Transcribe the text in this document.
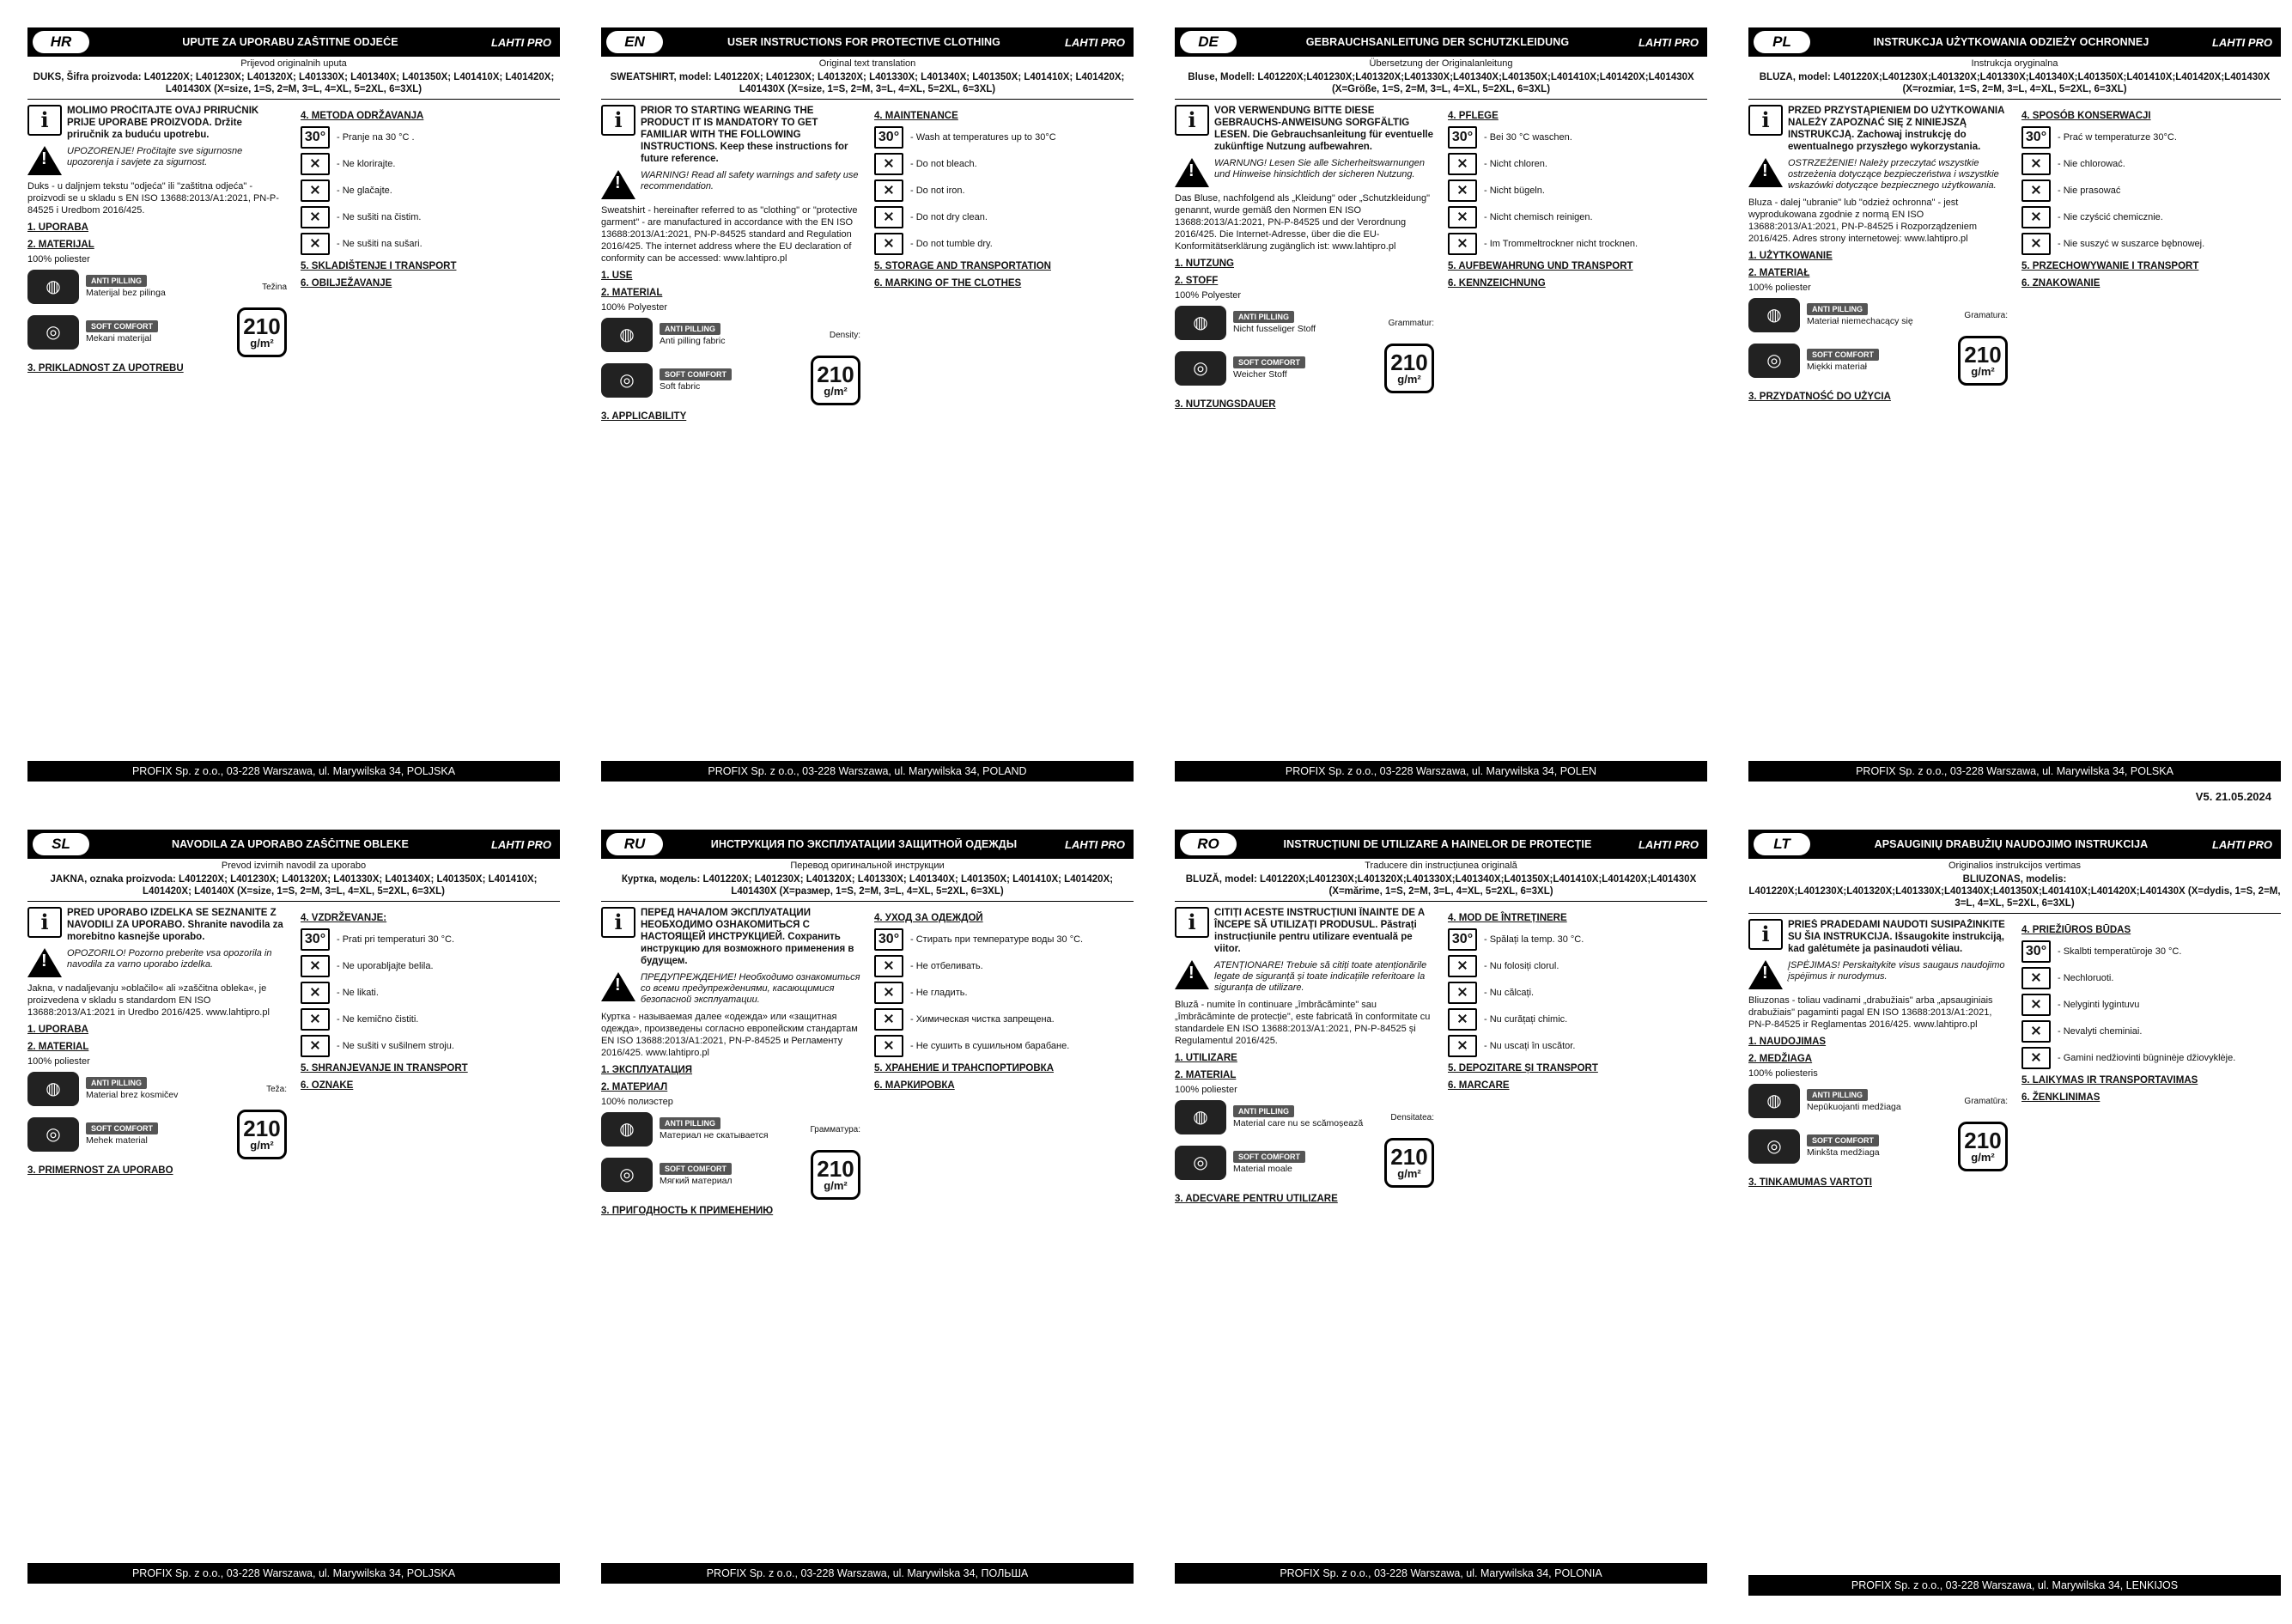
HR	UPUTE ZA UPORABU ZAŠTITNE ODJEĆE	LAHTI PRO
Prijevod originalnih uputa
DUKS, Šifra proizvoda: L401220X; L401230X; L401320X; L401330X; L401340X; L401350X; L401410X; L401420X; L401430X (X=size, 1=S, 2=M, 3=L, 4=XL, 5=2XL, 6=3XL)
i	MOLIMO PROČITAJTE OVAJ PRIRUČNIK PRIJE UPORABE PROIZVODA. Držite priručnik za buduću upotrebu.
!
UPOZORENJE! Pročitajte sve sigurnosne upozorenja i savjete za sigurnost.

Duks - u daljnjem tekstu "odjeća" ili "zaštitna odjeća" - proizvodi se u skladu s EN ISO 13688:2013/A1:2021, PN-P-84525 i Uredbom 2016/425.

1. UPORABA
2. MATERIJAL

100% poliester

◍	ANTI PILLING
Materijal bez pilinga
Težina
◎	SOFT COMFORT
Mekani materijal	210
g/m²
3. PRIKLADNOST ZA UPOTREBU
4. METODA ODRŽAVANJA
30°	- Pranje na 30 °C .
⨯	- Ne klorirajte.
⨯	- Ne glačajte.
⨯	- Ne sušiti na čistim.
⨯	- Ne sušiti na sušari.
5. SKLADIŠTENJE I TRANSPORT
6. OBILJEŽAVANJE
PROFIX Sp. z o.o., 03-228 Warszawa, ul. Marywilska 34, POLJSKA
EN	USER INSTRUCTIONS FOR PROTECTIVE CLOTHING	LAHTI PRO
Original text translation
SWEATSHIRT, model: L401220X; L401230X; L401320X; L401330X; L401340X; L401350X; L401410X; L401420X; L401430X (X=size, 1=S, 2=M, 3=L, 4=XL, 5=2XL, 6=3XL)
i	PRIOR TO STARTING WEARING THE PRODUCT IT IS MANDATORY TO GET FAMILIAR WITH THE FOLLOWING INSTRUCTIONS. Keep these instructions for future reference.
!
WARNING! Read all safety warnings and safety use recommendation.

Sweatshirt - hereinafter referred to as "clothing" or "protective garment" - are manufactured in accordance with the EN ISO 13688:2013/A1:2021, PN-P-84525 standard and Regulation 2016/425. The internet address where the EU declaration of conformity can be accessed: www.lahtipro.pl

1. USE
2. MATERIAL

100% Polyester

◍	ANTI PILLING
Anti pilling fabric
Density:
◎	SOFT COMFORT
Soft fabric	210
g/m²
3. APPLICABILITY
4. MAINTENANCE
30°	- Wash at temperatures up to 30°C
⨯	- Do not bleach.
⨯	- Do not iron.
⨯	- Do not dry clean.
⨯	- Do not tumble dry.
5. STORAGE AND TRANSPORTATION
6. MARKING OF THE CLOTHES
PROFIX Sp. z o.o., 03-228 Warszawa, ul. Marywilska 34, POLAND
DE	GEBRAUCHSANLEITUNG DER SCHUTZKLEIDUNG	LAHTI PRO
Übersetzung der Originalanleitung
Bluse, Modell: L401220X;L401230X;L401320X;L401330X;L401340X;L401350X;L401410X;L401420X;L401430X (X=Größe, 1=S, 2=M, 3=L, 4=XL, 5=2XL, 6=3XL)
i	VOR VERWENDUNG BITTE DIESE GEBRAUCHS-ANWEISUNG SORGFÄLTIG LESEN. Die Gebrauchsanleitung für eventuelle zukünftige Nutzung aufbewahren.
!
WARNUNG! Lesen Sie alle Sicherheitswarnungen und Hinweise hinsichtlich der sicheren Nutzung.

Das Bluse, nachfolgend als „Kleidung" oder „Schutzkleidung" genannt, wurde gemäß den Normen EN ISO 13688:2013/A1:2021, PN-P-84525 und der Verordnung 2016/425. Die Internet-Adresse, über die die EU-Konformitätserklärung zugänglich ist: www.lahtipro.pl

1. NUTZUNG
2. STOFF

100% Polyester

◍	ANTI PILLING
Nicht fusseliger Stoff
Grammatur:
◎	SOFT COMFORT
Weicher Stoff	210
g/m²
3. NUTZUNGSDAUER
4. PFLEGE
30°	- Bei 30 °C waschen.
⨯	- Nicht chloren.
⨯	- Nicht bügeln.
⨯	- Nicht chemisch reinigen.
⨯	- Im Trommeltrockner nicht trocknen.
5. AUFBEWAHRUNG UND TRANSPORT
6. KENNZEICHNUNG
PROFIX Sp. z o.o., 03-228 Warszawa, ul. Marywilska 34, POLEN
PL	INSTRUKCJA UŻYTKOWANIA ODZIEŻY OCHRONNEJ	LAHTI PRO
Instrukcja oryginalna
BLUZA, model: L401220X;L401230X;L401320X;L401330X;L401340X;L401350X;L401410X;L401420X;L401430X (X=rozmiar, 1=S, 2=M, 3=L, 4=XL, 5=2XL, 6=3XL)
i	PRZED PRZYSTĄPIENIEM DO UŻYTKOWANIA NALEŻY ZAPOZNAĆ SIĘ Z NINIEJSZĄ INSTRUKCJĄ. Zachowaj instrukcję do ewentualnego przyszłego wykorzystania.
!
OSTRZEŻENIE! Należy przeczytać wszystkie ostrzeżenia dotyczące bezpieczeństwa i wszystkie wskazówki dotyczące bezpiecznego użytkowania.

Bluza - dalej "ubranie" lub "odzież ochronna" - jest wyprodukowana zgodnie z normą EN ISO 13688:2013/A1:2021, PN-P-84525 i Rozporządzeniem 2016/425. Adres strony internetowej: www.lahtipro.pl

1. UŻYTKOWANIE
2. MATERIAŁ

100% poliester

◍	ANTI PILLING
Materiał niemechacący się
Gramatura:
◎	SOFT COMFORT
Miękki materiał	210
g/m²
3. PRZYDATNOŚĆ DO UŻYCIA
4. SPOSÓB KONSERWACJI
30°	- Prać w temperaturze 30°C.
⨯	- Nie chlorować.
⨯	- Nie prasować
⨯	- Nie czyścić chemicznie.
⨯	- Nie suszyć w suszarce bębnowej.
5. PRZECHOWYWANIE I TRANSPORT
6. ZNAKOWANIE
PROFIX Sp. z o.o., 03-228 Warszawa, ul. Marywilska 34, POLSKA
SL	NAVODILA ZA UPORABO ZAŠČITNE OBLEKE	LAHTI PRO
Prevod izvirnih navodil za uporabo
JAKNA, oznaka proizvoda: L401220X; L401230X; L401320X; L401330X; L401340X; L401350X; L401410X; L401420X; L40140X (X=size, 1=S, 2=M, 3=L, 4=XL, 5=2XL, 6=3XL)
i	PRED UPORABO IZDELKA SE SEZNANITE Z NAVODILI ZA UPORABO. Shranite navodila za morebitno kasnejše uporabo.
!
OPOZORILO! Pozorno preberite vsa opozorila in navodila za varno uporabo izdelka.

Jakna, v nadaljevanju »oblačilo« ali »zaščitna obleka«, je proizvedena v skladu s standardom EN ISO 13688:2013/A1:2021 in Uredbo 2016/425. www.lahtipro.pl

1. UPORABA
2. MATERIAL

100% poliester

◍	ANTI PILLING
Material brez kosmičev
Teža:
◎	SOFT COMFORT
Mehek material	210
g/m²
3. PRIMERNOST ZA UPORABO
4. VZDRŽEVANJE:
30°	- Prati pri temperaturi 30 °C.
⨯	- Ne uporabljajte belila.
⨯	- Ne likati.
⨯	- Ne kemično čistiti.
⨯	- Ne sušiti v sušilnem stroju.
5. SHRANJEVANJE IN TRANSPORT
6. OZNAKE
PROFIX Sp. z o.o., 03-228 Warszawa, ul. Marywilska 34, POLJSKA
RU	ИНСТРУКЦИЯ ПО ЭКСПЛУАТАЦИИ ЗАЩИТНОЙ ОДЕЖДЫ	LAHTI PRO
Перевод оригинальной инструкции
Куртка, модель: L401220X; L401230X; L401320X; L401330X; L401340X; L401350X; L401410X; L401420X; L401430X (X=размер, 1=S, 2=M, 3=L, 4=XL, 5=2XL, 6=3XL)
i	ПЕРЕД НАЧАЛОМ ЭКСПЛУАТАЦИИ НЕОБХОДИМО ОЗНАКОМИТЬСЯ С НАСТОЯЩЕЙ ИНСТРУКЦИЕЙ. Сохранить инструкцию для возможного применения в будущем.
!
ПРЕДУПРЕЖДЕНИЕ! Необходимо ознакомиться со всеми предупреждениями, касающимися безопасной эксплуатации.

Куртка - называемая далее «одежда» или «защитная одежда», произведены согласно европейским стандартам EN ISO 13688:2013/A1:2021, PN-P-84525 и Регламенту 2016/425. www.lahtipro.pl

1. ЭКСПЛУАТАЦИЯ
2. МАТЕРИАЛ

100% полиэстер

◍	ANTI PILLING
Материал не скатывается
Грамматура:
◎	SOFT COMFORT
Мягкий материал	210
g/m²
3. ПРИГОДНОСТЬ К ПРИМЕНЕНИЮ
4. УХОД ЗА ОДЕЖДОЙ
30°	- Стирать при температуре воды 30 °C.
⨯	- Не отбеливать.
⨯	- Не гладить.
⨯	- Химическая чистка запрещена.
⨯	- Не сушить в сушильном барабане.
5. ХРАНЕНИЕ И ТРАНСПОРТИРОВКА
6. МАРКИРОВКА
PROFIX Sp. z o.o., 03-228 Warszawa, ul. Marywilska 34, ПОЛЬША
RO	INSTRUCȚIUNI DE UTILIZARE A HAINELOR DE PROTECȚIE	LAHTI PRO
Traducere din instrucțiunea originală
BLUZĂ, model: L401220X;L401230X;L401320X;L401330X;L401340X;L401350X;L401410X;L401420X;L401430X (X=mărime, 1=S, 2=M, 3=L, 4=XL, 5=2XL, 6=3XL)
i	CITIȚI ACESTE INSTRUCȚIUNI ÎNAINTE DE A ÎNCEPE SĂ UTILIZAȚI PRODUSUL. Păstrați instrucțiunile pentru utilizare eventuală pe viitor.
!
ATENȚIONARE! Trebuie să citiți toate atenționările legate de siguranță și toate indicațiile referitoare la siguranța de utilizare.

Bluză - numite în continuare „îmbrăcăminte" sau „îmbrăcăminte de protecție", este fabricată în conformitate cu standardele EN ISO 13688:2013/A1:2021, PN-P-84525 și Regulamentul 2016/425.

1. UTILIZARE
2. MATERIAL

100% poliester

◍	ANTI PILLING
Material care nu se scămoșează
Densitatea:
◎	SOFT COMFORT
Material moale	210
g/m²
3. ADECVARE PENTRU UTILIZARE
4. MOD DE ÎNTREȚINERE
30°	- Spălați la temp. 30 °C.
⨯	- Nu folosiți clorul.
⨯	- Nu călcați.
⨯	- Nu curățați chimic.
⨯	- Nu uscați în uscător.
5. DEPOZITARE ȘI TRANSPORT
6. MARCARE
PROFIX Sp. z o.o., 03-228 Warszawa, ul. Marywilska 34, POLONIA
LT	APSAUGINIŲ DRABUŽIŲ NAUDOJIMO INSTRUKCIJA	LAHTI PRO
Originalios instrukcijos vertimas
BLIUZONAS, modelis: L401220X;L401230X;L401320X;L401330X;L401340X;L401350X;L401410X;L401420X;L401430X (X=dydis, 1=S, 2=M, 3=L, 4=XL, 5=2XL, 6=3XL)
i	PRIEŠ PRADEDAMI NAUDOTI SUSIPAŽINKITE SU ŠIA INSTRUKCIJA. Išsaugokite instrukciją, kad galėtumėte ja pasinaudoti vėliau.
!
ĮSPĖJIMAS! Perskaitykite visus saugaus naudojimo įspėjimus ir nurodymus.

Bliuzonas - toliau vadinami „drabužiais" arba „apsauginiais drabužiais" pagaminti pagal EN ISO 13688:2013/A1:2021, PN-P-84525 ir Reglamentas 2016/425. www.lahtipro.pl

1. NAUDOJIMAS
2. MEDŽIAGA

100% poliesteris

◍	ANTI PILLING
Nepūkuojanti medžiaga
Gramatūra:
◎	SOFT COMFORT
Minkšta medžiaga	210
g/m²
3. TINKAMUMAS VARTOTI
4. PRIEŽIŪROS BŪDAS
30°	- Skalbti temperatūroje 30 °C.
⨯	- Nechloruoti.
⨯	- Nelyginti lygintuvu
⨯	- Nevalyti cheminiai.
⨯	- Gamini nedžiovinti būgninėje džiovyklėje.
5. LAIKYMAS IR TRANSPORTAVIMAS
6. ŽENKLINIMAS
PROFIX Sp. z o.o., 03-228 Warszawa, ul. Marywilska 34, LENKIJOS
V5. 21.05.2024
